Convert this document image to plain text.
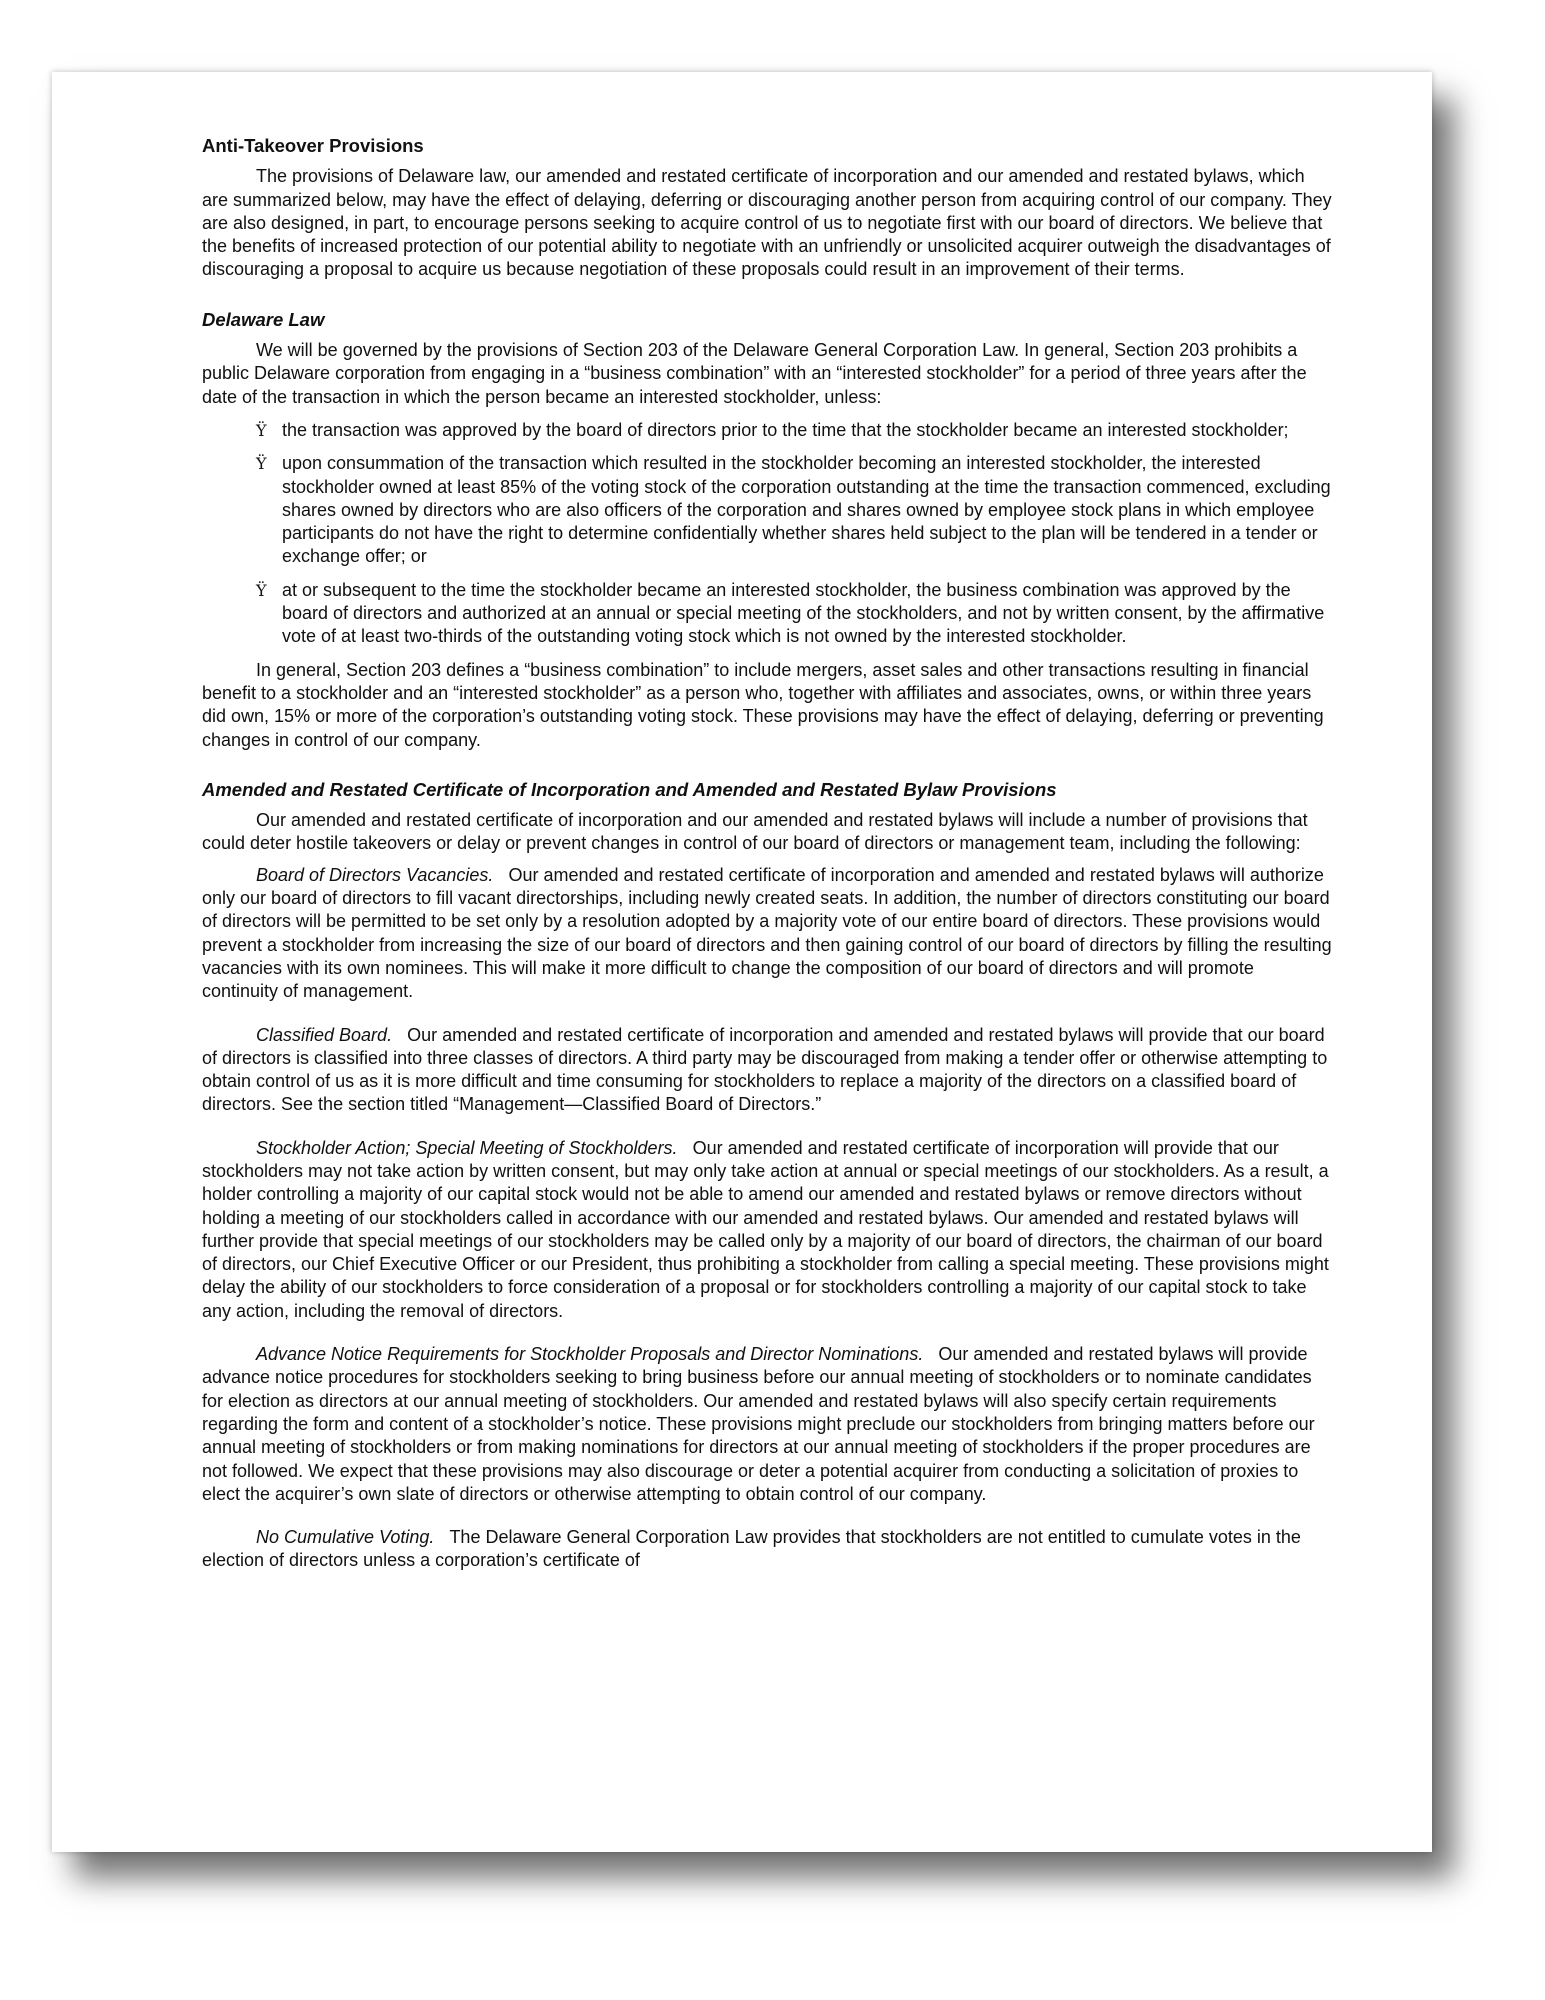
Anti-Takeover Provisions

The provisions of Delaware law, our amended and restated certificate of incorporation and our amended and restated bylaws, which are summarized below, may have the effect of delaying, deferring or discouraging another person from acquiring control of our company. They are also designed, in part, to encourage persons seeking to acquire control of us to negotiate first with our board of directors. We believe that the benefits of increased protection of our potential ability to negotiate with an unfriendly or unsolicited acquirer outweigh the disadvantages of discouraging a proposal to acquire us because negotiation of these proposals could result in an improvement of their terms.

Delaware Law

We will be governed by the provisions of Section 203 of the Delaware General Corporation Law. In general, Section 203 prohibits a public Delaware corporation from engaging in a “business combination” with an “interested stockholder” for a period of three years after the date of the transaction in which the person became an interested stockholder, unless:

Ÿ the transaction was approved by the board of directors prior to the time that the stockholder became an interested stockholder;
Ÿ upon consummation of the transaction which resulted in the stockholder becoming an interested stockholder, the interested stockholder owned at least 85% of the voting stock of the corporation outstanding at the time the transaction commenced, excluding shares owned by directors who are also officers of the corporation and shares owned by employee stock plans in which employee participants do not have the right to determine confidentially whether shares held subject to the plan will be tendered in a tender or exchange offer; or
Ÿ at or subsequent to the time the stockholder became an interested stockholder, the business combination was approved by the board of directors and authorized at an annual or special meeting of the stockholders, and not by written consent, by the affirmative vote of at least two-thirds of the outstanding voting stock which is not owned by the interested stockholder.

In general, Section 203 defines a “business combination” to include mergers, asset sales and other transactions resulting in financial benefit to a stockholder and an “interested stockholder” as a person who, together with affiliates and associates, owns, or within three years did own, 15% or more of the corporation’s outstanding voting stock. These provisions may have the effect of delaying, deferring or preventing changes in control of our company.

Amended and Restated Certificate of Incorporation and Amended and Restated Bylaw Provisions

Our amended and restated certificate of incorporation and our amended and restated bylaws will include a number of provisions that could deter hostile takeovers or delay or prevent changes in control of our board of directors or management team, including the following:

Board of Directors Vacancies. Our amended and restated certificate of incorporation and amended and restated bylaws will authorize only our board of directors to fill vacant directorships, including newly created seats. In addition, the number of directors constituting our board of directors will be permitted to be set only by a resolution adopted by a majority vote of our entire board of directors. These provisions would prevent a stockholder from increasing the size of our board of directors and then gaining control of our board of directors by filling the resulting vacancies with its own nominees. This will make it more difficult to change the composition of our board of directors and will promote continuity of management.

Classified Board. Our amended and restated certificate of incorporation and amended and restated bylaws will provide that our board of directors is classified into three classes of directors. A third party may be discouraged from making a tender offer or otherwise attempting to obtain control of us as it is more difficult and time consuming for stockholders to replace a majority of the directors on a classified board of directors. See the section titled “Management—Classified Board of Directors.”

Stockholder Action; Special Meeting of Stockholders. Our amended and restated certificate of incorporation will provide that our stockholders may not take action by written consent, but may only take action at annual or special meetings of our stockholders. As a result, a holder controlling a majority of our capital stock would not be able to amend our amended and restated bylaws or remove directors without holding a meeting of our stockholders called in accordance with our amended and restated bylaws. Our amended and restated bylaws will further provide that special meetings of our stockholders may be called only by a majority of our board of directors, the chairman of our board of directors, our Chief Executive Officer or our President, thus prohibiting a stockholder from calling a special meeting. These provisions might delay the ability of our stockholders to force consideration of a proposal or for stockholders controlling a majority of our capital stock to take any action, including the removal of directors.

Advance Notice Requirements for Stockholder Proposals and Director Nominations. Our amended and restated bylaws will provide advance notice procedures for stockholders seeking to bring business before our annual meeting of stockholders or to nominate candidates for election as directors at our annual meeting of stockholders. Our amended and restated bylaws will also specify certain requirements regarding the form and content of a stockholder’s notice. These provisions might preclude our stockholders from bringing matters before our annual meeting of stockholders or from making nominations for directors at our annual meeting of stockholders if the proper procedures are not followed. We expect that these provisions may also discourage or deter a potential acquirer from conducting a solicitation of proxies to elect the acquirer’s own slate of directors or otherwise attempting to obtain control of our company.

No Cumulative Voting. The Delaware General Corporation Law provides that stockholders are not entitled to cumulate votes in the election of directors unless a corporation’s certificate of
